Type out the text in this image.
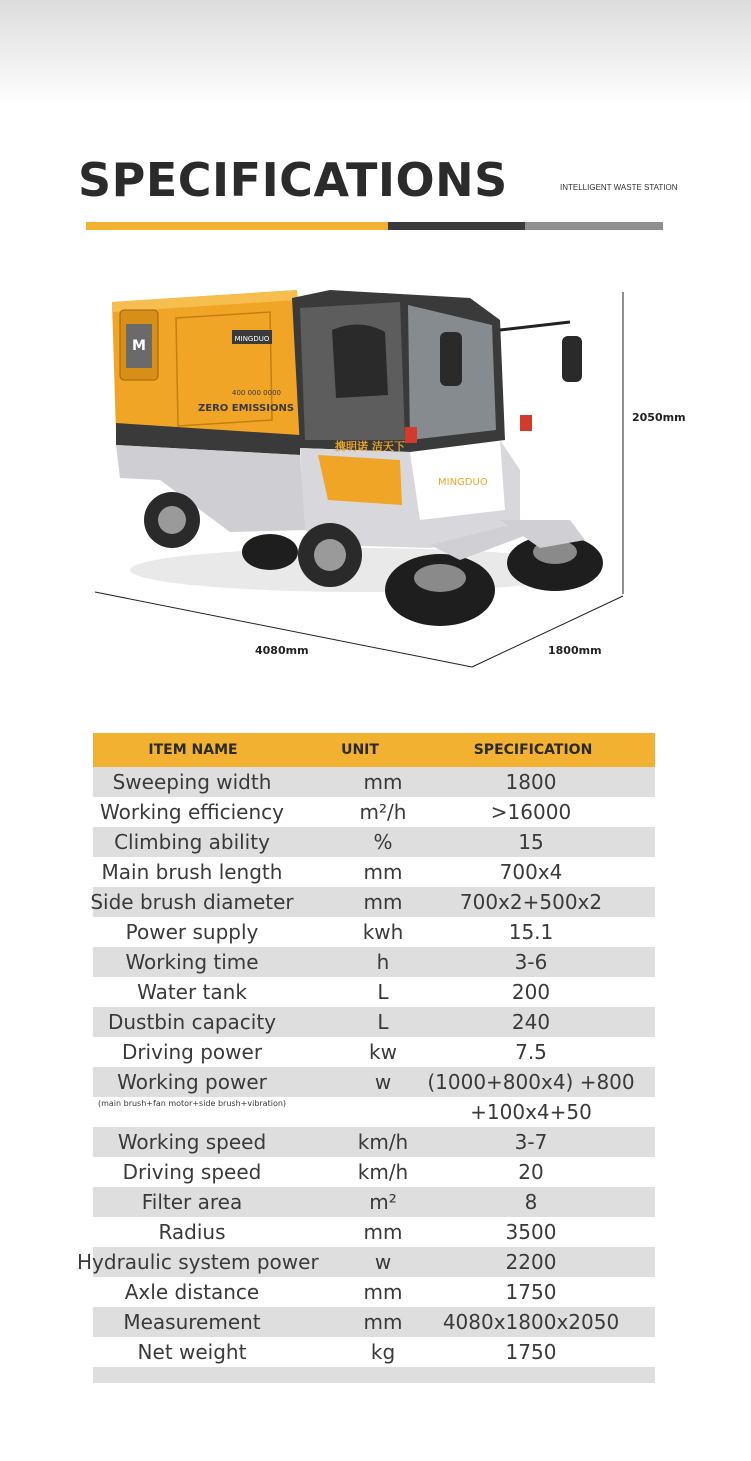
SPECIFICATIONS	INTELLIGENT WASTE STATION
M	MINGDUO
400 000 0000
ZERO EMISSIONS
携明诺 洁天下
MINGDUO
2050mm
4080mm	1800mm
ITEM NAME	UNIT	SPECIFICATION
Sweeping width	mm	1800
Working efficiency	m²/h	>16000
Climbing ability	%	15
Main brush length	mm	700x4
Side brush diameter	mm	700x2+500x2
Power supply	kwh	15.1
Working time	h	3-6
Water tank	L	200
Dustbin capacity	L	240
Driving power	kw	7.5
Working power	w	(1000+800x4) +800
(main brush+fan motor+side brush+vibration)	+100x4+50
Working speed	km/h	3-7
Driving speed	km/h	20
Filter area	m²	8
Radius	mm	3500
Hydraulic system power	w	2200
Axle distance	mm	1750
Measurement	mm	4080x1800x2050
Net weight	kg	1750
